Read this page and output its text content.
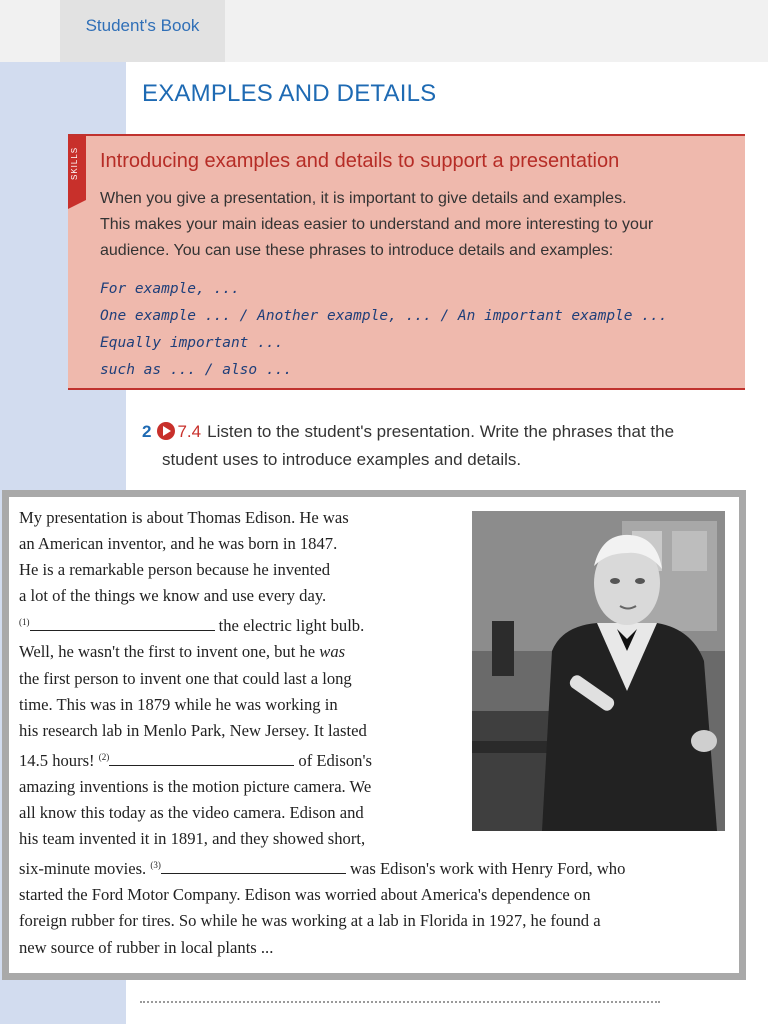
Student's Book
EXAMPLES AND DETAILS
SKILLS Introducing examples and details to support a presentation
When you give a presentation, it is important to give details and examples.
This makes your main ideas easier to understand and more interesting to your
audience. You can use these phrases to introduce details and examples:
For example, ...
One example ... / Another example, ... / An important example ...
Equally important ...
such as ... / also ...
2 7.4 Listen to the student's presentation. Write the phrases that the
student uses to introduce examples and details.
My presentation is about Thomas Edison. He was
an American inventor, and he was born in 1847.
He is a remarkable person because he invented
a lot of the things we know and use every day.
$^{(1)}$	the electric light bulb.
Well, he wasn't the first to invent one, but he was
the first person to invent one that could last a long
time. This was in 1879 while he was working in
his research lab in Menlo Park, New Jersey. It lasted
14.5 hours! $^{(2)}$	of Edison's
amazing inventions is the motion picture camera. We
all know this today as the video camera. Edison and
his team invented it in 1891, and they showed short,
six-minute movies. $^{(3)}$	was Edison's work with Henry Ford, who
started the Ford Motor Company. Edison was worried about America's dependence on
foreign rubber for tires. So while he was working at a lab in Florida in 1927, he found a
new source of rubber in local plants ...
